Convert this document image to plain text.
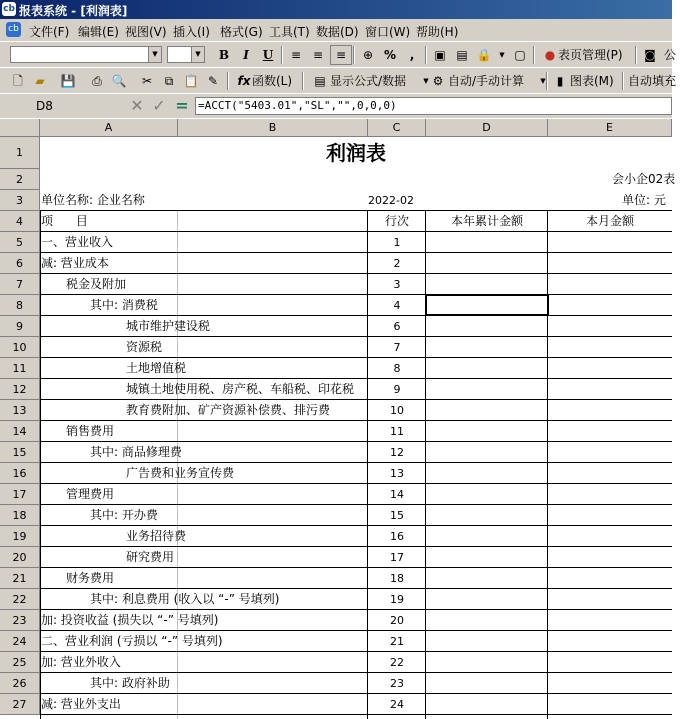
cb 报表系统 - [利润表]
cb 文件(F) 编辑(E) 视图(V) 插入(I) 格式(G) 工具(T) 数据(D) 窗口(W) 帮助(H)
▼	▼	B	I	U	≡ ≡	≡	⊕ %	,	▣ ▤ 🔒	▼ ▢	● 表页管理(P)	◙ 公
🗋	▰	💾	⎙ 🔍	✂	⧉ 📋 ✎	fx 函数(L)	▤ 显示公式/数据	▼ ⚙ 自动/手动计算	▼ ▮ 图表(M) 自动填充
D8	✕ ✓ = =ACCT("5403.01","SL","",0,0,0)
A	B	C	D	E
1
2
3
4
5
6
7
8
9
10
11
12
13
14
15
16
17
18
19
20
21
22
23
24
25
26
27
利润表
会小企02表
单位名称: 企业名称	2022-02	单位: 元
项      目	行次	本年累计金额	本月金额
一、营业收入	1
减: 营业成本	2
税金及附加	3
其中: 消费税	4
城市维护建设税	6
资源税	7
土地增值税	8
城镇土地使用税、房产税、车船税、印花税	9
教育费附加、矿产资源补偿费、排污费	10
销售费用	11
其中: 商品修理费	12
广告费和业务宣传费	13
管理费用	14
其中: 开办费	15
业务招待费	16
研究费用	17
财务费用	18
其中: 利息费用 (收入以 “-” 号填列)	19
加: 投资收益 (损失以 “-” 号填列)	20
二、营业利润 (亏损以 “-” 号填列)	21
加: 营业外收入	22
其中: 政府补助	23
减: 营业外支出	24
